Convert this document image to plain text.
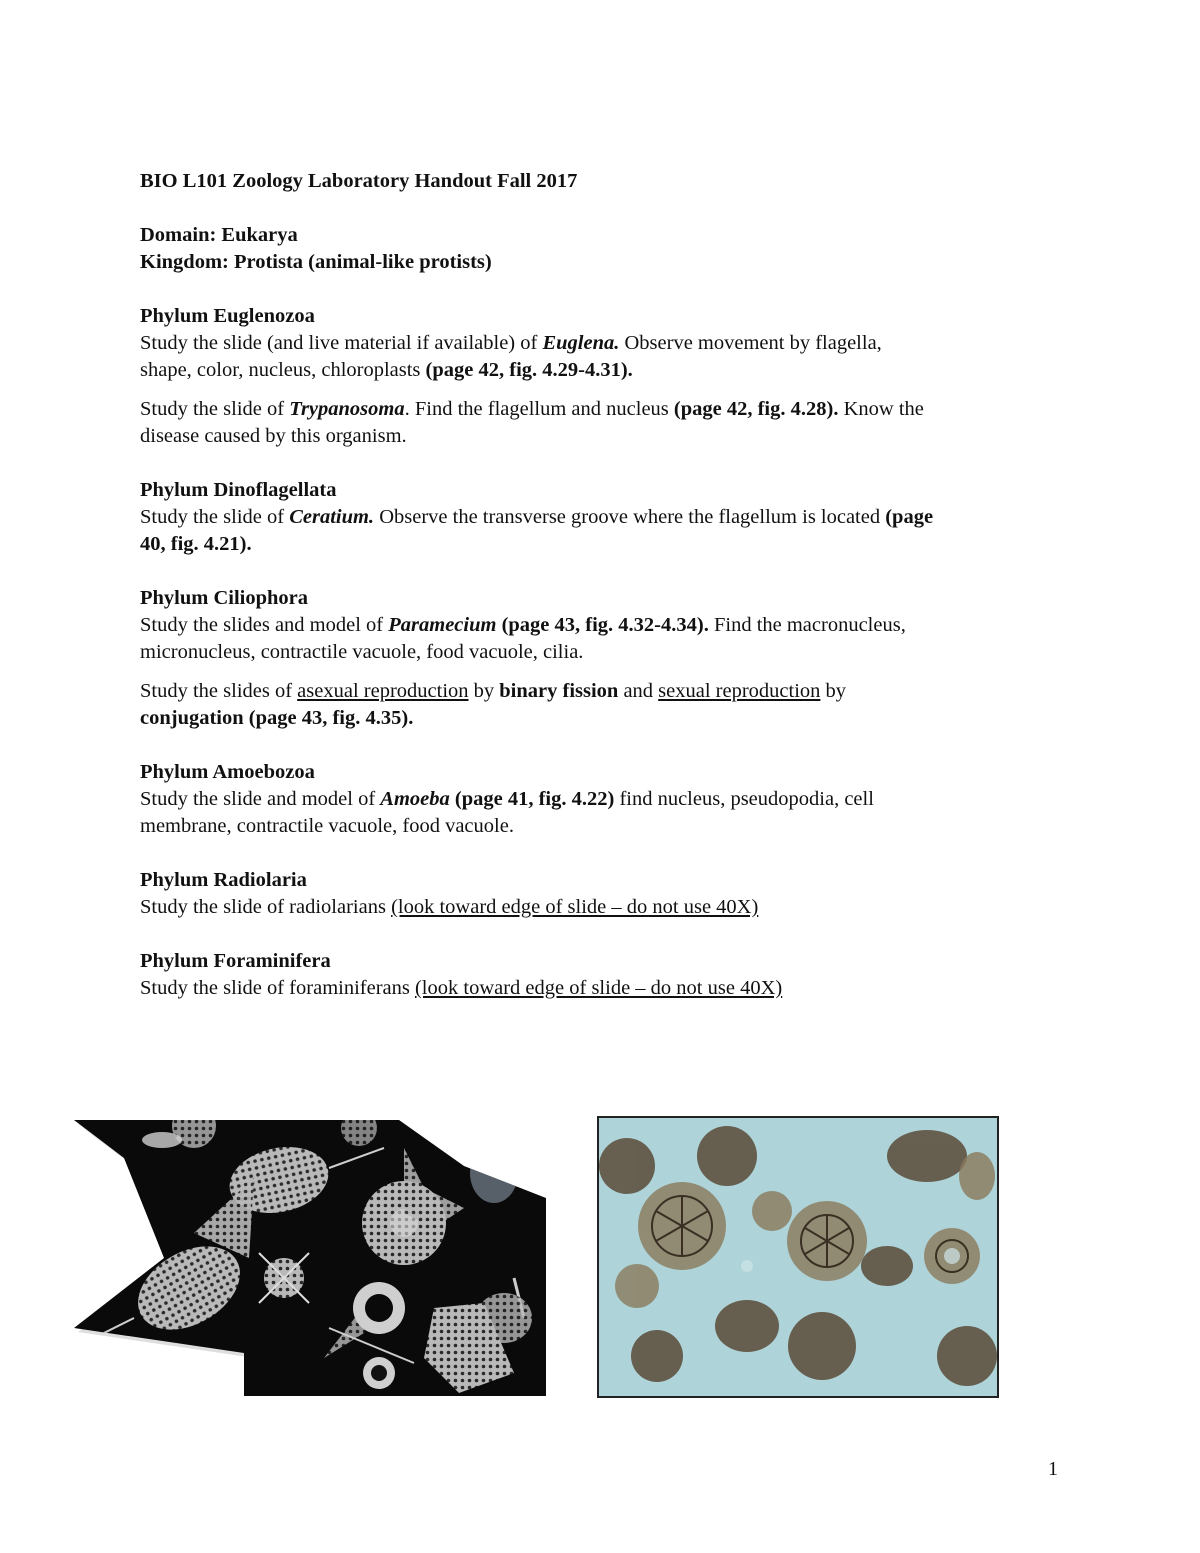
BIO L101 Zoology Laboratory Handout Fall 2017

Domain: Eukarya

Kingdom: Protista (animal-like protists)

Phylum Euglenozoa

Study the slide (and live material if available) of Euglena. Observe movement by flagella,

shape, color, nucleus, chloroplasts (page 42, fig. 4.29-4.31).

Study the slide of Trypanosoma. Find the flagellum and nucleus (page 42, fig. 4.28). Know the

disease caused by this organism.

Phylum Dinoflagellata

Study the slide of Ceratium. Observe the transverse groove where the flagellum is located (page

40, fig. 4.21).

Phylum Ciliophora

Study the slides and model of Paramecium (page 43, fig. 4.32-4.34). Find the macronucleus,

micronucleus, contractile vacuole, food vacuole, cilia.

Study the slides of asexual reproduction by binary fission and sexual reproduction by

conjugation (page 43, fig. 4.35).

Phylum Amoebozoa

Study the slide and model of Amoeba (page 41, fig. 4.22) find nucleus, pseudopodia, cell

membrane, contractile vacuole, food vacuole.

Phylum Radiolaria

Study the slide of radiolarians (look toward edge of slide – do not use 40X)

Phylum Foraminifera

Study the slide of foraminiferans (look toward edge of slide – do not use 40X)

1
